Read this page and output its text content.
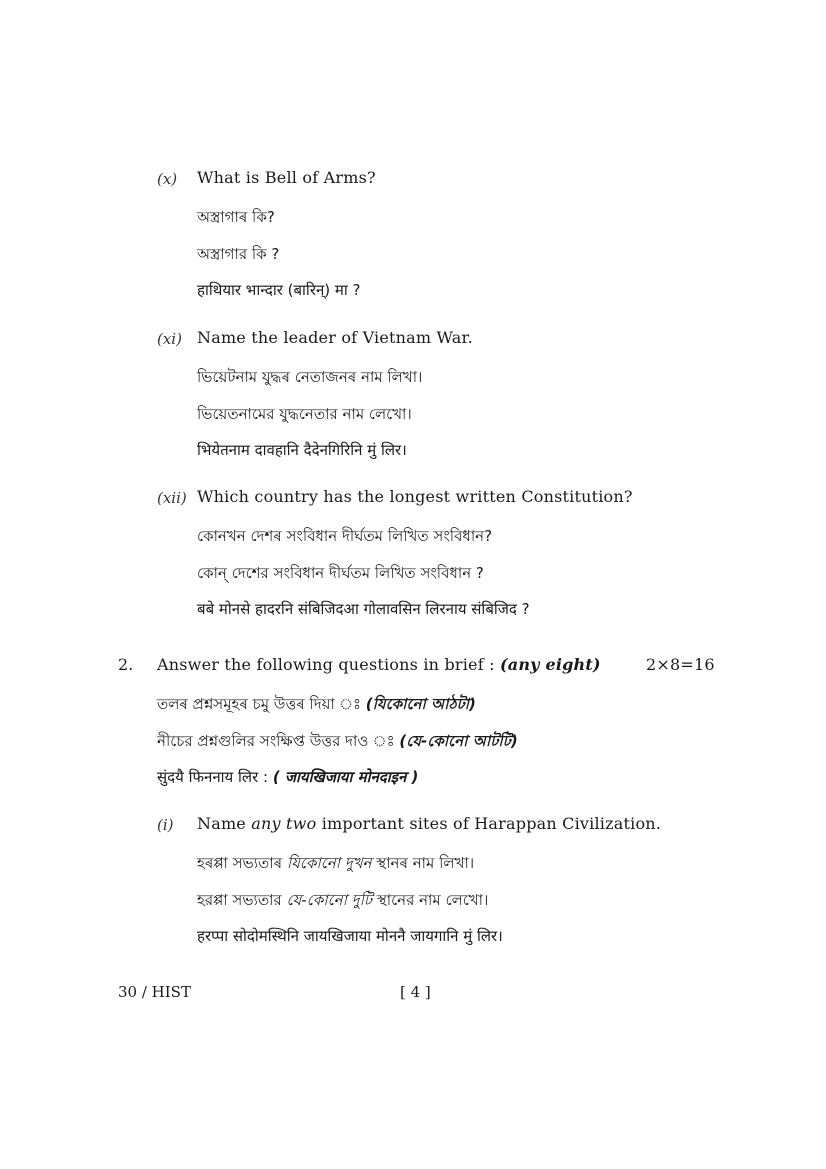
(x) What is Bell of Arms?
অস্ত্ৰাগাৰ কি?
অস্ত্রাগার কি ?
हाथियार भान्दार (बारिन्) मा ?
(xi) Name the leader of Vietnam War.
ভিয়েটনাম যুদ্ধৰ নেতাজনৰ নাম লিখা।
ভিয়েতনামের যুদ্ধনেতার নাম লেখো।
भियेतनाम दावहानि दैदेनगिरिनि मुं लिर।
(xii) Which country has the longest written Constitution?
কোনখন দেশৰ সংবিধান দীৰ্ঘতম লিখিত সংবিধান?
কোন্ দেশের সংবিধান দীর্ঘতম লিখিত সংবিধান ?
बबे मोनसे हादरनि संबिजिदआ गोलावसिन लिरनाय संबिजिद ?
2. Answer the following questions in brief : (any eight)	2×8=16
তলৰ প্ৰশ্নসমূহৰ চমু উত্তৰ দিয়া ঃ (যিকোনো আঠটা)
নীচের প্রশ্নগুলির সংক্ষিপ্ত উত্তর দাও ঃ (যে-কোনো আটটি)
सुंदयै फिननाय लिर : ( जायखिजाया मोनदाइन )
(i) Name any two important sites of Harappan Civilization.
হৰপ্পা সভ্যতাৰ যিকোনো দুখন স্থানৰ নাম লিখা।
হরপ্পা সভ্যতার যে-কোনো দুটি স্থানের নাম লেখো।
हरप्पा सोदोमस्थिनि जायखिजाया मोननै जायगानि मुं लिर।
30 / HIST	[ 4 ]
